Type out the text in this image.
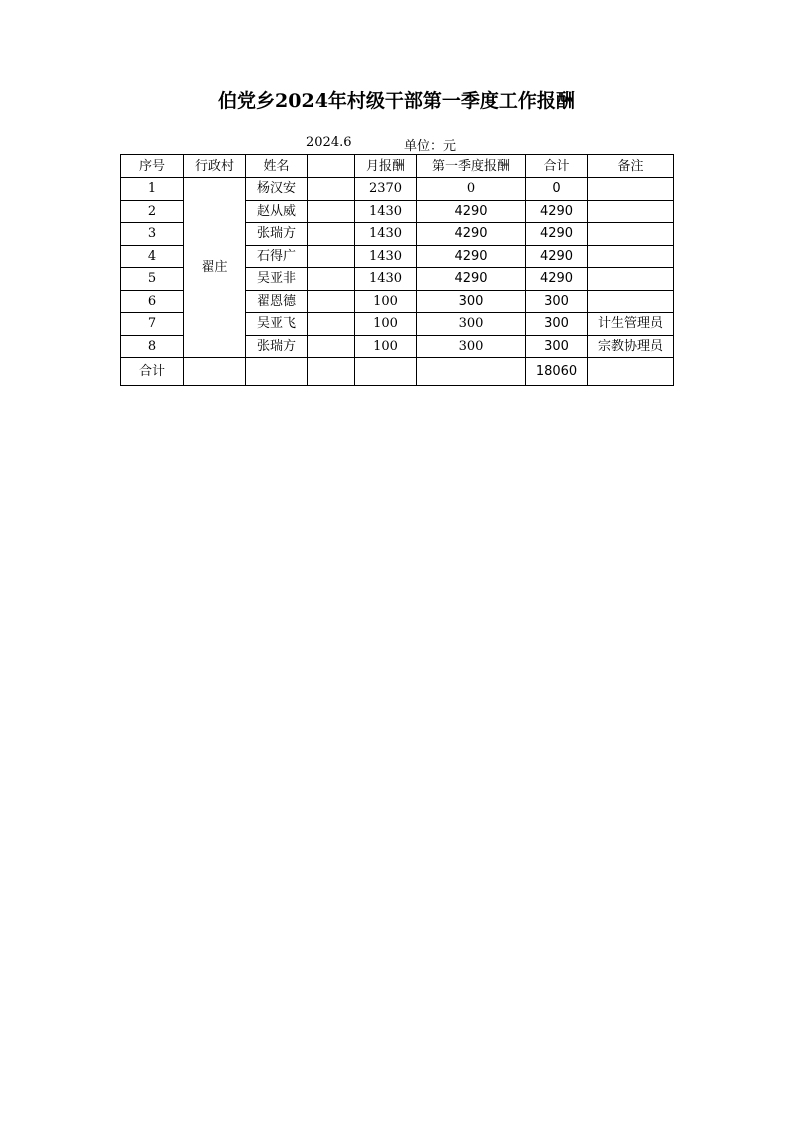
伯党乡2024年村级干部第一季度工作报酬
2024.6	单位：元
序号	行政村	姓名		月报酬	第一季度报酬	合计	备注
1	翟庄	杨汉安		2370	0	0	
2		赵从威		1430	4290	4290	
3		张瑞方		1430	4290	4290	
4		石得广		1430	4290	4290	
5		吴亚非		1430	4290	4290	
6		翟恩德		100	300	300	
7		吴亚飞		100	300	300	计生管理员
8		张瑞方		100	300	300	宗教协理员
合计						18060	
